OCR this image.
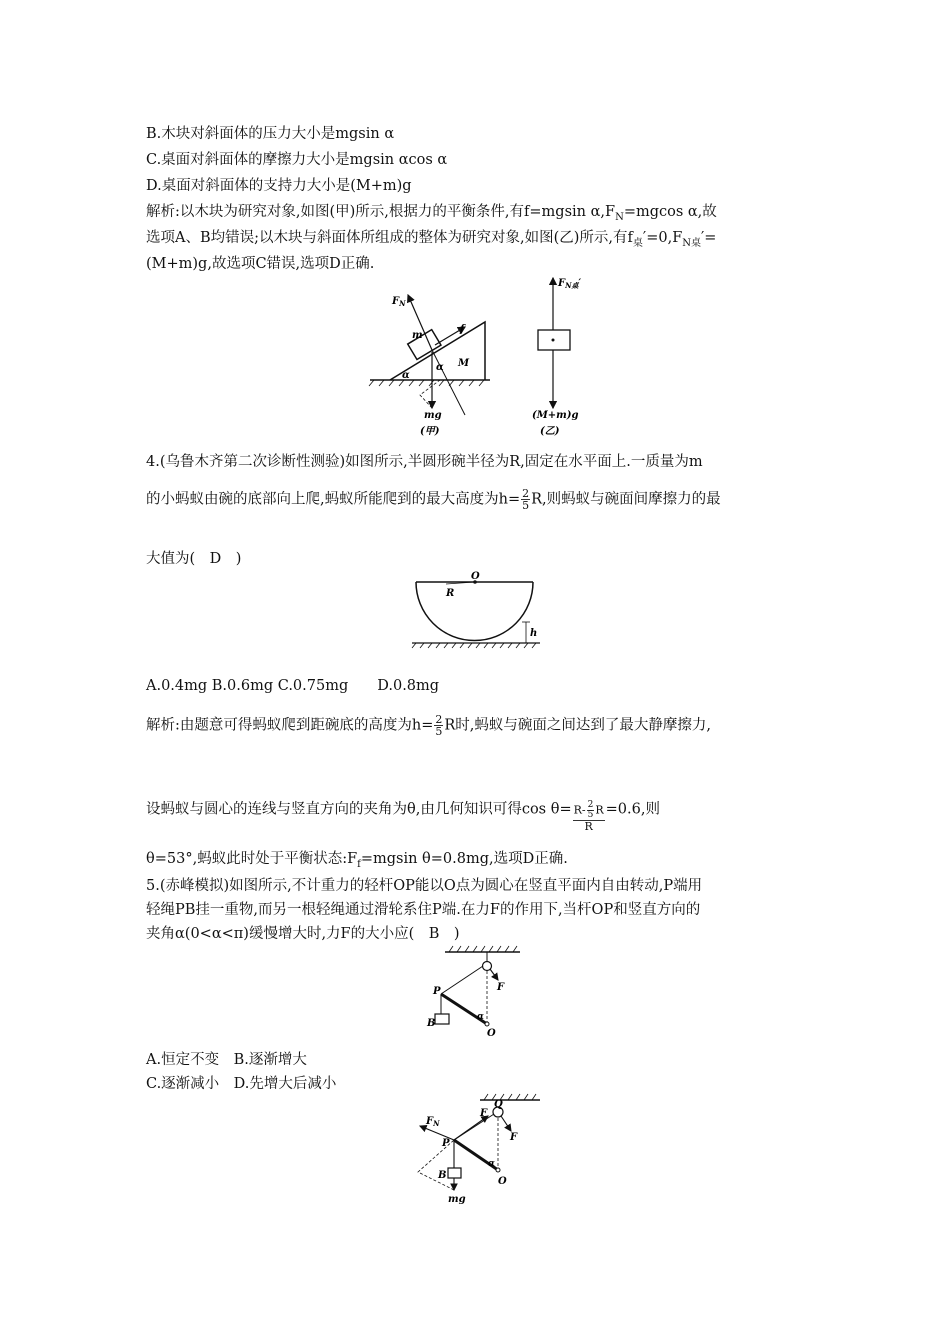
B.木块对斜面体的压力大小是mgsin α
C.桌面对斜面体的摩擦力大小是mgsin αcos α
D.桌面对斜面体的支持力大小是(M+m)g
解析:以木块为研究对象,如图(甲)所示,根据力的平衡条件,有f=mgsin $\alpha,F_N=mgcos$ α,故
选项A、B均错误;以木块与斜面体所组成的整体为研究对象,如图(乙)所示,有$f_桌'=0,F_{N桌}'=$
(M+m)g,故选项C错误,选项D正确.
$F_N$
m
f
M
α
α
mg
(甲)
$F_{N桌}'$
(M+m)g
(乙)
4.(乌鲁木齐第二次诊断性测验)如图所示,半圆形碗半径为R,固定在水平面上.一质量为m
的小蚂蚁由碗的底部向上爬,蚂蚁所能爬到的最大高度为$h= \frac{2}{5} R$,则蚂蚁与碗面间摩擦力的最
大值为(　D　)
O
R
h
A.0.4mg B.0.6mg C.0.75mg　　D.0.8mg
解析:由题意可得蚂蚁爬到距碗底的高度为$h= \frac{2}{5}$ R时,蚂蚁与碗面之间达到了最大静摩擦力,
设蚂蚁与圆心的连线与竖直方向的夹角为θ,由几何知识可得$\cos \theta= \frac{R- \frac{2}{5} R}{R} =0.6$,则
θ=53°,蚂蚁此时处于平衡状态$:F_f=mgsin$ θ=0.8mg,选项D正确.
5.(赤峰模拟)如图所示,不计重力的轻杆OP能以O点为圆心在竖直平面内自由转动,P端用
轻绳PB挂一重物,而另一根轻绳通过滑轮系住P端.在力F的作用下,当杆OP和竖直方向的
夹角α(0<α<π)缓慢增大时,力F的大小应(　B　)
P	F
B
O
α
A.恒定不变　B.逐渐增大
C.逐渐减小　D.先增大后减小
Q
F
F
$F_N$
P
B
O
α
mg
